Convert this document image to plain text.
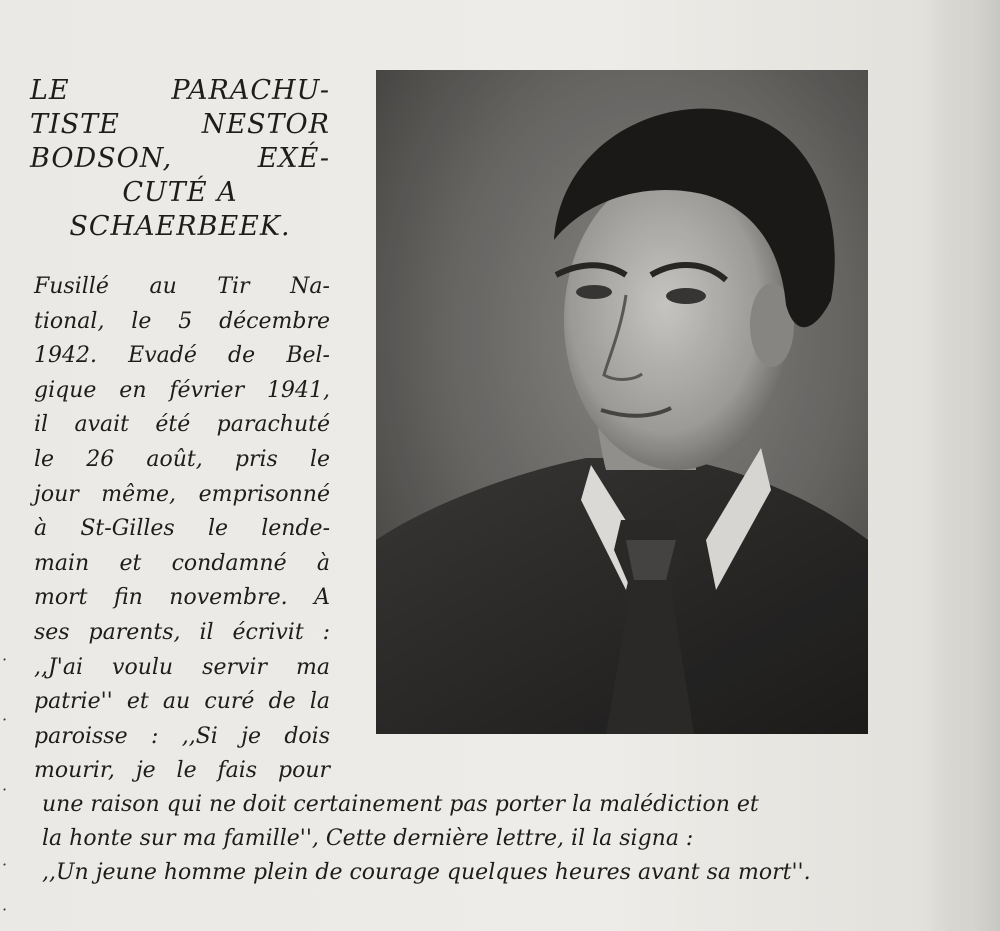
·
·
·
·
·
LE PARACHU-
TISTE NESTOR
BODSON, EXÉ-
CUTÉ A
SCHAERBEEK.
Fusillé au Tir Na-
tional, le 5 décembre
1942. Evadé de Bel-
gique en février 1941,
il avait été parachuté
le 26 août, pris le
jour même, emprisonné
à St-Gilles le lende-
main et condamné à
mort fin novembre. A
ses parents, il écrivit :
,,J'ai voulu servir ma
patrie'' et au curé de la
paroisse : ,,Si je dois
mourir, je le fais pour
une raison qui ne doit certainement pas porter la malédiction et
la honte sur ma famille'', Cette dernière lettre, il la signa :
,,Un jeune homme plein de courage quelques heures avant sa mort''.
